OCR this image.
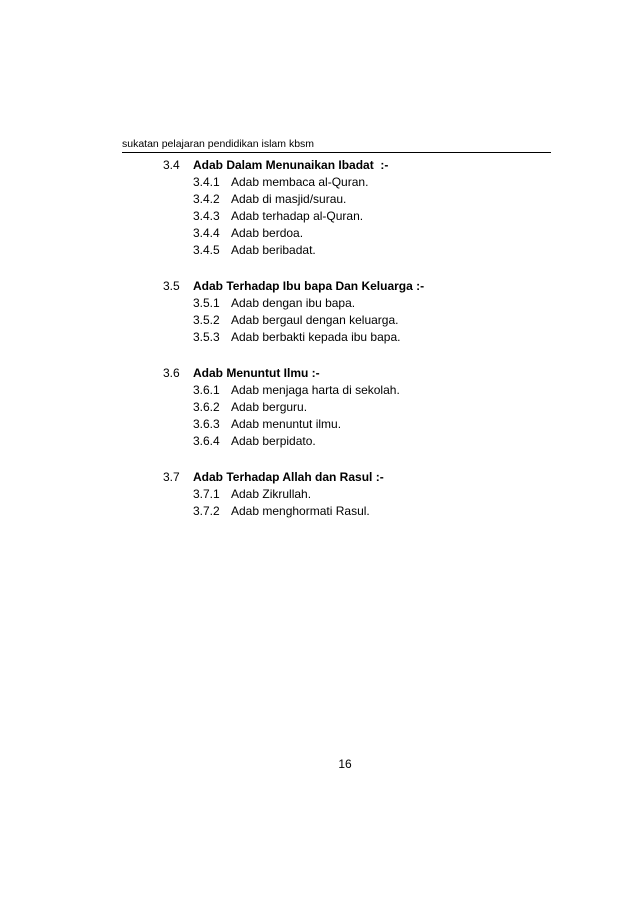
sukatan pelajaran pendidikan islam kbsm
3.4	Adab Dalam Menunaikan Ibadat  :-
3.4.1 Adab membaca al-Quran.
3.4.2 Adab di masjid/surau.
3.4.3 Adab terhadap al-Quran.
3.4.4 Adab berdoa.
3.4.5 Adab beribadat.
3.5	Adab Terhadap Ibu bapa Dan Keluarga :-
3.5.1 Adab dengan ibu bapa.
3.5.2 Adab bergaul dengan keluarga.
3.5.3 Adab berbakti kepada ibu bapa.
3.6	Adab Menuntut Ilmu :-
3.6.1 Adab menjaga harta di sekolah.
3.6.2 Adab berguru.
3.6.3 Adab menuntut ilmu.
3.6.4 Adab berpidato.
3.7	Adab Terhadap Allah dan Rasul :-
3.7.1 Adab Zikrullah.
3.7.2 Adab menghormati Rasul.
16
